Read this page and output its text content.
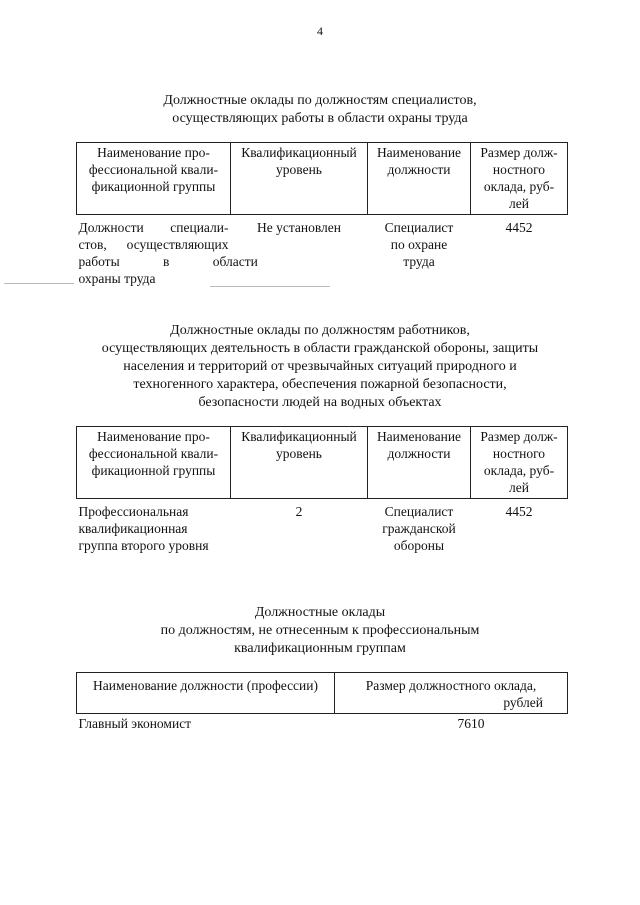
4
Должностные оклады по должностям специалистов,
осуществляющих работы в области охраны труда
Наименование про-
фессиональной квали-
фикационной группы	Квалификационный
уровень	Наименование
должности	Размер долж-
ностного
оклада, руб-
лей

Должности специали-
стов, осуществляющих
работы в области
охраны труда	Не установлен	Специалист
по охране
труда	4452
Должностные оклады по должностям работников,
осуществляющих деятельность в области гражданской обороны, защиты
населения и территорий от чрезвычайных ситуаций природного и
техногенного характера, обеспечения пожарной безопасности,
безопасности людей на водных объектах
Наименование про-
фессиональной квали-
фикационной группы	Квалификационный
уровень	Наименование
должности	Размер долж-
ностного
оклада, руб-
лей

Профессиональная
квалификационная
группа второго уровня	2	Специалист
гражданской
обороны	4452
Должностные оклады
по должностям, не отнесенным к профессиональным
квалификационным группам
Наименование должности (профессии)	Размер должностного оклада,
рублей

Главный экономист	7610
